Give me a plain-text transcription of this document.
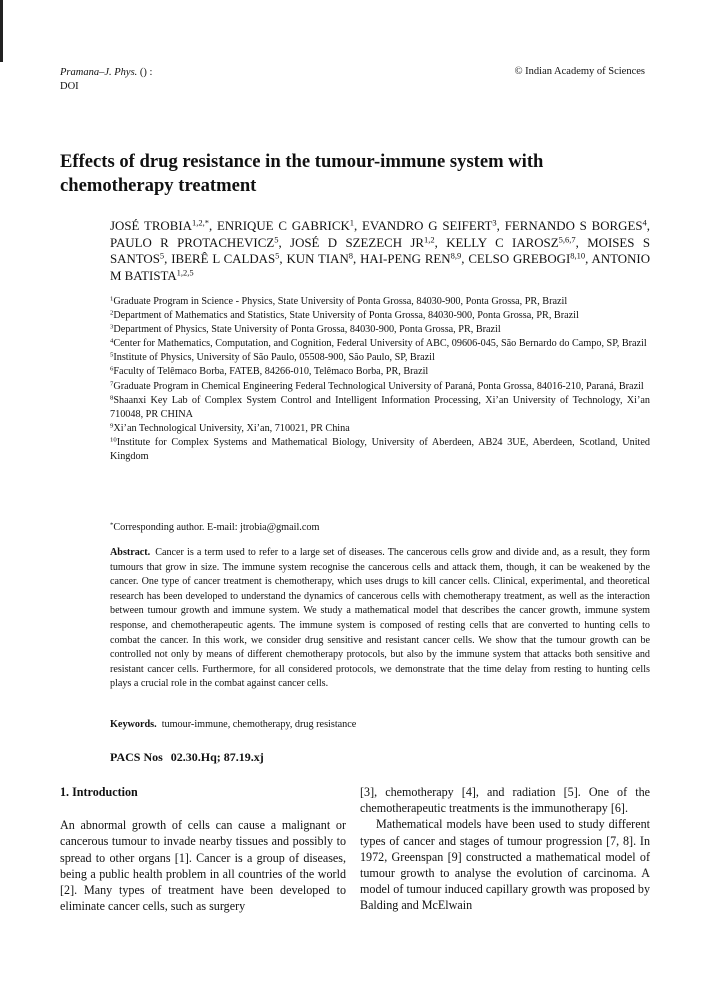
Pramana–J. Phys. () :
DOI
© Indian Academy of Sciences
Effects of drug resistance in the tumour-immune system with chemotherapy treatment
JOSÉ $TROBIA^{1,2,*}$, ENRIQUE C GABRICK$^1$, EVANDRO G SEIFERT$^3$, FERNANDO S BORGES$^4$, PAULO R PROTACHEVICZ$^5$, JOSÉ D SZEZECH JR$^{1,2}$, KELLY C IAROSZ$^{5,6,7}$, MOISES S SANTOS$^5$, IBERÊ L CALDAS$^5$, KUN TIAN$^8$, HAI-PENG REN$^{8,9}$, CELSO GREBOGI$^{8,10}$, ANTONIO M BATISTA$^{1,2,5}$
$^1$Graduate Program in Science - Physics, State University of Ponta Grossa, 84030-900, Ponta Grossa, PR, Brazil
$^2$Department of Mathematics and Statistics, State University of Ponta Grossa, 84030-900, Ponta Grossa, PR, Brazil
$^3$Department of Physics, State University of Ponta Grossa, 84030-900, Ponta Grossa, PR, Brazil
$^4$Center for Mathematics, Computation, and Cognition, Federal University of ABC, 09606-045, São Bernardo do Campo, SP, Brazil
$^5$Institute of Physics, University of São Paulo, 05508-900, São Paulo, SP, Brazil
$^6$Faculty of Telêmaco Borba, FATEB, 84266-010, Telêmaco Borba, PR, Brazil
$^7$Graduate Program in Chemical Engineering Federal Technological University of Paraná, Ponta Grossa, 84016-210, Paraná, Brazil
$^8$Shaanxi Key Lab of Complex System Control and Intelligent Information Processing, Xi’an University of Technology, Xi’an 710048, PR CHINA
$^9$Xi’an Technological University, Xi’an, 710021, PR China
$^{10}$Institute for Complex Systems and Mathematical Biology, University of Aberdeen, AB24 3UE, Aberdeen, Scotland, United Kingdom
*Corresponding author. E-mail: jtrobia@gmail.com

Abstract. Cancer is a term used to refer to a large set of diseases. The cancerous cells grow and divide and, as a result, they form tumours that grow in size. The immune system recognise the cancerous cells and attack them, though, it can be weakened by the cancer. One type of cancer treatment is chemotherapy, which uses drugs to kill cancer cells. Clinical, experimental, and theoretical research has been developed to understand the dynamics of cancerous cells with chemotherapy treatment, as well as the interaction between tumour growth and immune system. We study a mathematical model that describes the cancer growth, immune system response, and chemotherapeutic agents. The immune system is composed of resting cells that are converted to hunting cells to combat the cancer. In this work, we consider drug sensitive and resistant cancer cells. We show that the tumour growth can be controlled not only by means of different chemotherapy protocols, but also by the immune system that attacks both sensitive and resistant cancer cells. Furthermore, for all considered protocols, we demonstrate that the time delay from resting to hunting cells plays a crucial role in the combat against cancer cells.

Keywords. tumour-immune, chemotherapy, drug resistance
PACS Nos 02.30.Hq; 87.19.xj
1. Introduction

An abnormal growth of cells can cause a malignant or cancerous tumour to invade nearby tissues and possibly to spread to other organs [1]. Cancer is a group of diseases, being a public health problem in all countries of the world [2]. Many types of treatment have been developed to eliminate cancer cells, such as surgery

[3], chemotherapy [4], and radiation [5]. One of the chemotherapeutic treatments is the immunotherapy [6].

Mathematical models have been used to study different types of cancer and stages of tumour progression [7, 8]. In 1972, Greenspan [9] constructed a mathematical model of tumour growth to analyse the evolution of carcinoma. A model of tumour induced capillary growth was proposed by Balding and McElwain
